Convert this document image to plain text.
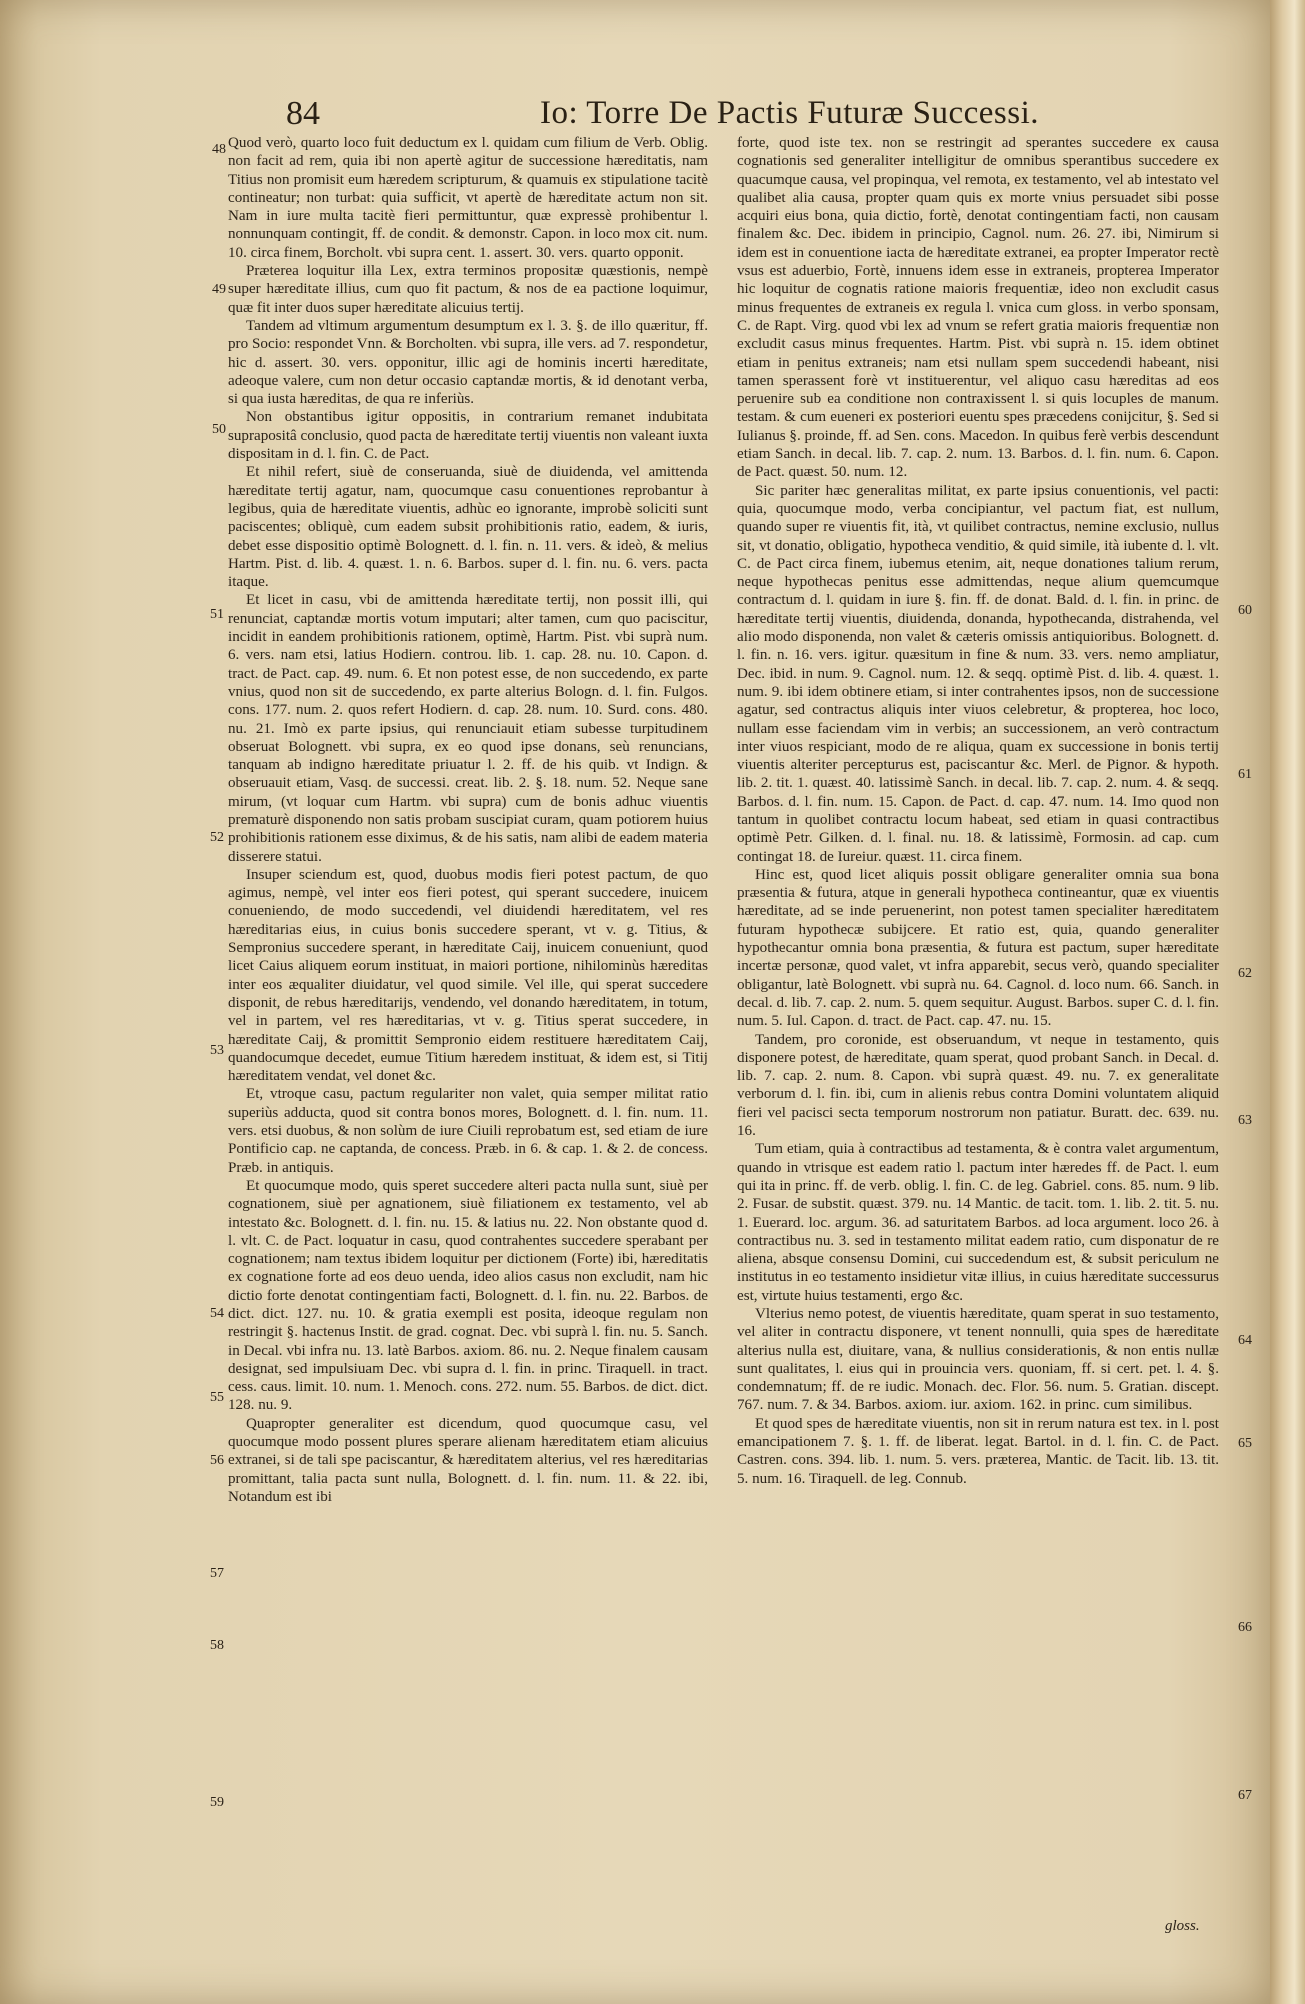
84	Io: Torre De Pactis Futuræ Successi.

Quod verò, quarto loco fuit deductum ex l. quidam cum filium de Verb. Oblig. non facit ad rem, quia ibi non apertè agitur de successione hæreditatis, nam Titius non promisit eum hæredem scripturum, & quamuis ex stipulatione tacitè contineatur; non turbat: quia sufficit, vt apertè de hæreditate actum non sit. Nam in iure multa tacitè fieri permittuntur, quæ expressè prohibentur l. nonnunquam contingit, ff. de condit. & demonstr. Capon. in loco mox cit. num. 10. circa finem, Borcholt. vbi supra cent. 1. assert. 30. vers. quarto opponit.

Præterea loquitur illa Lex, extra terminos propositæ quæstionis, nempè super hæreditate illius, cum quo fit pactum, & nos de ea pactione loquimur, quæ fit inter duos super hæreditate alicuius tertij.

Tandem ad vltimum argumentum desumptum ex l. 3. §. de illo quæritur, ff. pro Socio: respondet Vnn. & Borcholten. vbi supra, ille vers. ad 7. respondetur, hic d. assert. 30. vers. opponitur, illic agi de hominis incerti hæreditate, adeoque valere, cum non detur occasio captandæ mortis, & id denotant verba, si qua iusta hæreditas, de qua re inferiùs.

Non obstantibus igitur oppositis, in contrarium remanet indubitata suprapositâ conclusio, quod pacta de hæreditate tertij viuentis non valeant iuxta dispositam in d. l. fin. C. de Pact.

Et nihil refert, siuè de conseruanda, siuè de diuidenda, vel amittenda hæreditate tertij agatur, nam, quocumque casu conuentiones reprobantur à legibus, quia de hæreditate viuentis, adhùc eo ignorante, improbè soliciti sunt paciscentes; obliquè, cum eadem subsit prohibitionis ratio, eadem, & iuris, debet esse dispositio optimè Bolognett. d. l. fin. n. 11. vers. & ideò, & melius Hartm. Pist. d. lib. 4. quæst. 1. n. 6. Barbos. super d. l. fin. nu. 6. vers. pacta itaque.

Et licet in casu, vbi de amittenda hæreditate tertij, non possit illi, qui renunciat, captandæ mortis votum imputari; alter tamen, cum quo paciscitur, incidit in eandem prohibitionis rationem, optimè, Hartm. Pist. vbi suprà num. 6. vers. nam etsi, latius Hodiern. controu. lib. 1. cap. 28. nu. 10. Capon. d. tract. de Pact. cap. 49. num. 6. Et non potest esse, de non succedendo, ex parte vnius, quod non sit de succedendo, ex parte alterius Bologn. d. l. fin. Fulgos. cons. 177. num. 2. quos refert Hodiern. d. cap. 28. num. 10. Surd. cons. 480. nu. 21. Imò ex parte ipsius, qui renunciauit etiam subesse turpitudinem obseruat Bolognett. vbi supra, ex eo quod ipse donans, seù renuncians, tanquam ab indigno hæreditate priuatur l. 2. ff. de his quib. vt Indign. & obseruauit etiam, Vasq. de successi. creat. lib. 2. §. 18. num. 52. Neque sane mirum, (vt loquar cum Hartm. vbi supra) cum de bonis adhuc viuentis prematurè disponendo non satis probam suscipiat curam, quam potiorem huius prohibitionis rationem esse diximus, & de his satis, nam alibi de eadem materia disserere statui.

Insuper sciendum est, quod, duobus modis fieri potest pactum, de quo agimus, nempè, vel inter eos fieri potest, qui sperant succedere, inuicem conueniendo, de modo succedendi, vel diuidendi hæreditatem, vel res hæreditarias eius, in cuius bonis succedere sperant, vt v. g. Titius, & Sempronius succedere sperant, in hæreditate Caij, inuicem conueniunt, quod licet Caius aliquem eorum instituat, in maiori portione, nihilominùs hæreditas inter eos æqualiter diuidatur, vel quod simile. Vel ille, qui sperat succedere disponit, de rebus hæreditarijs, vendendo, vel donando hæreditatem, in totum, vel in partem, vel res hæreditarias, vt v. g. Titius sperat succedere, in hæreditate Caij, & promittit Sempronio eidem restituere hæreditatem Caij, quandocumque decedet, eumue Titium hæredem instituat, & idem est, si Titij hæreditatem vendat, vel donet &c.

Et, vtroque casu, pactum regulariter non valet, quia semper militat ratio superiùs adducta, quod sit contra bonos mores, Bolognett. d. l. fin. num. 11. vers. etsi duobus, & non solùm de iure Ciuili reprobatum est, sed etiam de iure Pontificio cap. ne captanda, de concess. Præb. in 6. & cap. 1. & 2. de concess. Præb. in antiquis.

Et quocumque modo, quis speret succedere alteri pacta nulla sunt, siuè per cognationem, siuè per agnationem, siuè filiationem ex testamento, vel ab intestato &c. Bolognett. d. l. fin. nu. 15. & latius nu. 22. Non obstante quod d. l. vlt. C. de Pact. loquatur in casu, quod contrahentes succedere sperabant per cognationem; nam textus ibidem loquitur per dictionem (Forte) ibi, hæreditatis ex cognatione forte ad eos deuo uenda, ideo alios casus non excludit, nam hic dictio forte denotat contingentiam facti, Bolognett. d. l. fin. nu. 22. Barbos. de dict. dict. 127. nu. 10. & gratia exempli est posita, ideoque regulam non restringit §. hactenus Instit. de grad. cognat. Dec. vbi suprà l. fin. nu. 5. Sanch. in Decal. vbi infra nu. 13. latè Barbos. axiom. 86. nu. 2. Neque finalem causam designat, sed impulsiuam Dec. vbi supra d. l. fin. in princ. Tiraquell. in tract. cess. caus. limit. 10. num. 1. Menoch. cons. 272. num. 55. Barbos. de dict. dict. 128. nu. 9.

Quapropter generaliter est dicendum, quod quocumque casu, vel quocumque modo possent plures sperare alienam hæreditatem etiam alicuius extranei, si de tali spe paciscantur, & hæreditatem alterius, vel res hæreditarias promittant, talia pacta sunt nulla, Bolognett. d. l. fin. num. 11. & 22. ibi, Notandum est ibi

forte, quod iste tex. non se restringit ad sperantes succedere ex causa cognationis sed generaliter intelligitur de omnibus sperantibus succedere ex quacumque causa, vel propinqua, vel remota, ex testamento, vel ab intestato vel qualibet alia causa, propter quam quis ex morte vnius persuadet sibi posse acquiri eius bona, quia dictio, fortè, denotat contingentiam facti, non causam finalem &c. Dec. ibidem in principio, Cagnol. num. 26. 27. ibi, Nimirum si idem est in conuentione iacta de hæreditate extranei, ea propter Imperator rectè vsus est aduerbio, Fortè, innuens idem esse in extraneis, propterea Imperator hic loquitur de cognatis ratione maioris frequentiæ, ideo non excludit casus minus frequentes de extraneis ex regula l. vnica cum gloss. in verbo sponsam, C. de Rapt. Virg. quod vbi lex ad vnum se refert gratia maioris frequentiæ non excludit casus minus frequentes. Hartm. Pist. vbi suprà n. 15. idem obtinet etiam in penitus extraneis; nam etsi nullam spem succedendi habeant, nisi tamen sperassent forè vt instituerentur, vel aliquo casu hæreditas ad eos peruenire sub ea conditione non contraxissent l. si quis locuples de manum. testam. & cum eueneri ex posteriori euentu spes præcedens conijcitur, §. Sed si Iulianus §. proinde, ff. ad Sen. cons. Macedon. In quibus ferè verbis descendunt etiam Sanch. in decal. lib. 7. cap. 2. num. 13. Barbos. d. l. fin. num. 6. Capon. de Pact. quæst. 50. num. 12.

Sic pariter hæc generalitas militat, ex parte ipsius conuentionis, vel pacti: quia, quocumque modo, verba concipiantur, vel pactum fiat, est nullum, quando super re viuentis fit, ità, vt quilibet contractus, nemine exclusio, nullus sit, vt donatio, obligatio, hypotheca venditio, & quid simile, ità iubente d. l. vlt. C. de Pact circa finem, iubemus etenim, ait, neque donationes talium rerum, neque hypothecas penitus esse admittendas, neque alium quemcumque contractum d. l. quidam in iure §. fin. ff. de donat. Bald. d. l. fin. in princ. de hæreditate tertij viuentis, diuidenda, donanda, hypothecanda, distrahenda, vel alio modo disponenda, non valet & cæteris omissis antiquioribus. Bolognett. d. l. fin. n. 16. vers. igitur. quæsitum in fine & num. 33. vers. nemo ampliatur, Dec. ibid. in num. 9. Cagnol. num. 12. & seqq. optimè Pist. d. lib. 4. quæst. 1. num. 9. ibi idem obtinere etiam, si inter contrahentes ipsos, non de successione agatur, sed contractus aliquis inter viuos celebretur, & propterea, hoc loco, nullam esse faciendam vim in verbis; an successionem, an verò contractum inter viuos respiciant, modo de re aliqua, quam ex successione in bonis tertij viuentis alteriter percepturus est, paciscantur &c. Merl. de Pignor. & hypoth. lib. 2. tit. 1. quæst. 40. latissimè Sanch. in decal. lib. 7. cap. 2. num. 4. & seqq. Barbos. d. l. fin. num. 15. Capon. de Pact. d. cap. 47. num. 14. Imo quod non tantum in quolibet contractu locum habeat, sed etiam in quasi contractibus optimè Petr. Gilken. d. l. final. nu. 18. & latissimè, Formosin. ad cap. cum contingat 18. de Iureiur. quæst. 11. circa finem.

Hinc est, quod licet aliquis possit obligare generaliter omnia sua bona præsentia & futura, atque in generali hypotheca contineantur, quæ ex viuentis hæreditate, ad se inde peruenerint, non potest tamen specialiter hæreditatem futuram hypothecæ subijcere. Et ratio est, quia, quando generaliter hypothecantur omnia bona præsentia, & futura est pactum, super hæreditate incertæ personæ, quod valet, vt infra apparebit, secus verò, quando specialiter obligantur, latè Bolognett. vbi suprà nu. 64. Cagnol. d. loco num. 66. Sanch. in decal. d. lib. 7. cap. 2. num. 5. quem sequitur. August. Barbos. super C. d. l. fin. num. 5. Iul. Capon. d. tract. de Pact. cap. 47. nu. 15.

Tandem, pro coronide, est obseruandum, vt neque in testamento, quis disponere potest, de hæreditate, quam sperat, quod probant Sanch. in Decal. d. lib. 7. cap. 2. num. 8. Capon. vbi suprà quæst. 49. nu. 7. ex generalitate verborum d. l. fin. ibi, cum in alienis rebus contra Domini voluntatem aliquid fieri vel pacisci secta temporum nostrorum non patiatur. Buratt. dec. 639. nu. 16.

Tum etiam, quia à contractibus ad testamenta, & è contra valet argumentum, quando in vtrisque est eadem ratio l. pactum inter hæredes ff. de Pact. l. eum qui ita in princ. ff. de verb. oblig. l. fin. C. de leg. Gabriel. cons. 85. num. 9 lib. 2. Fusar. de substit. quæst. 379. nu. 14 Mantic. de tacit. tom. 1. lib. 2. tit. 5. nu. 1. Euerard. loc. argum. 36. ad saturitatem Barbos. ad loca argument. loco 26. à contractibus nu. 3. sed in testamento militat eadem ratio, cum disponatur de re aliena, absque consensu Domini, cui succedendum est, & subsit periculum ne institutus in eo testamento insidietur vitæ illius, in cuius hæreditate successurus est, virtute huius testamenti, ergo &c.

Vlterius nemo potest, de viuentis hæreditate, quam sperat in suo testamento, vel aliter in contractu disponere, vt tenent nonnulli, quia spes de hæreditate alterius nulla est, diuitare, vana, & nullius considerationis, & non entis nullæ sunt qualitates, l. eius qui in prouincia vers. quoniam, ff. si cert. pet. l. 4. §. condemnatum; ff. de re iudic. Monach. dec. Flor. 56. num. 5. Gratian. discept. 767. num. 7. & 34. Barbos. axiom. iur. axiom. 162. in princ. cum similibus.

Et quod spes de hæreditate viuentis, non sit in rerum natura est tex. in l. post emancipationem 7. §. 1. ff. de liberat. legat. Bartol. in d. l. fin. C. de Pact. Castren. cons. 394. lib. 1. num. 5. vers. præterea, Mantic. de Tacit. lib. 13. tit. 5. num. 16. Tiraquell. de leg. Connub.

48
49
50
51
52
53
54
55
56
57
58
59
60
61
62
63
64
65
66
67
gloss.
